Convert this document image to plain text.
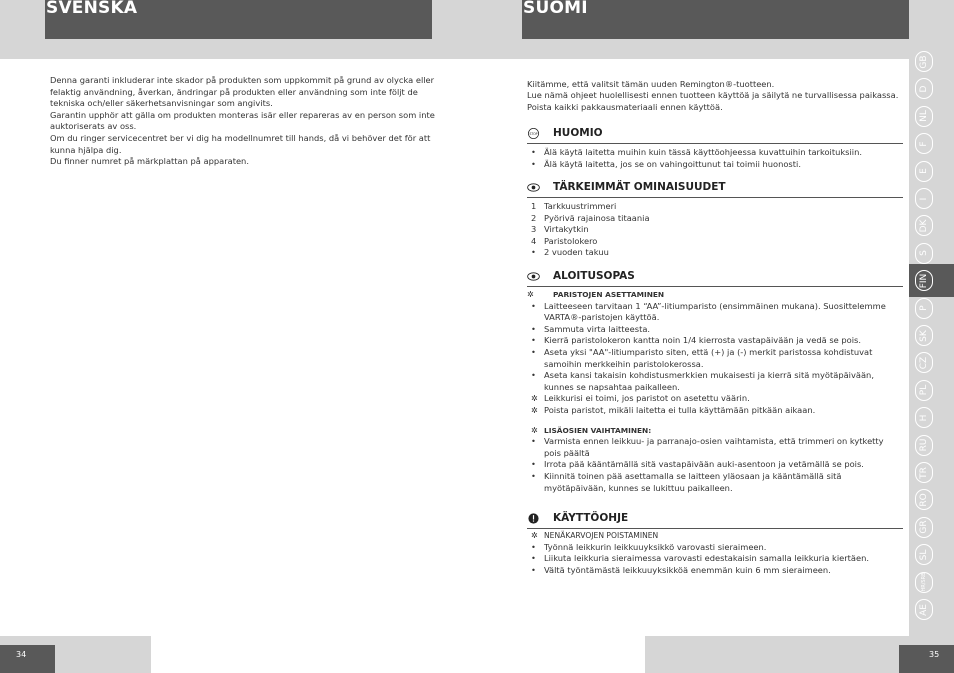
SVENSKA	SUOMI
GB
D
NL
F
E
I
DK
S
FIN
P
SK
CZ
PL
H
RU
TR
RO
GR
SL
HR/SRB
AE

Denna garanti inkluderar inte skador på produkten som uppkommit på grund av olycka eller felaktig användning, åverkan, ändringar på produkten eller användning som inte följt de tekniska och/eller säkerhetsanvisningar som angivits.

Garantin upphör att gälla om produkten monteras isär eller repareras av en person som inte auktoriserats av oss.

Om du ringer servicecentret ber vi dig ha modellnumret till hands, då vi behöver det för att kunna hjälpa dig.

Du finner numret på märkplattan på apparaten.

Kiitämme, että valitsit tämän uuden Remington®-tuotteen.

Lue nämä ohjeet huolellisesti ennen tuotteen käyttöä ja säilytä ne turvallisessa paikassa.

Poista kaikki pakkausmateriaali ennen käyttöä.

STOP HUOMIO
• Älä käytä laitetta muihin kuin tässä käyttöohjeessa kuvattuihin tarkoituksiin.
• Älä käytä laitetta, jos se on vahingoittunut tai toimii huonosti.
TÄRKEIMMÄT OMINAISUUDET
1 Tarkkuustrimmeri
2 Pyörivä rajainosa titaania
3 Virtakytkin
4 Paristolokero
• 2 vuoden takuu
ALOITUSOPAS
✲	PARISTOJEN ASETTAMINEN
• Laitteeseen tarvitaan 1 “AA”-litiumparisto (ensimmäinen mukana). Suosittelemme VARTA®-paristojen käyttöä.
• Sammuta virta laitteesta.
• Kierrä paristolokeron kantta noin 1/4 kierrosta vastapäivään ja vedä se pois.
• Aseta yksi "AA"-litiumparisto siten, että (+) ja (-) merkit paristossa kohdistuvat samoihin merkkeihin paristolokerossa.
• Aseta kansi takaisin kohdistusmerkkien mukaisesti ja kierrä sitä myötäpäivään, kunnes se napsahtaa paikalleen.
✲ Leikkurisi ei toimi, jos paristot on asetettu väärin.
✲ Poista paristot, mikäli laitetta ei tulla käyttämään pitkään aikaan.
✲ LISÄOSIEN VAIHTAMINEN:
• Varmista ennen leikkuu- ja parranajo-osien vaihtamista, että trimmeri on kytketty pois päältä
• Irrota pää kääntämällä sitä vastapäivään auki-asentoon ja vetämällä se pois.
• Kiinnitä toinen pää asettamalla se laitteen yläosaan ja kääntämällä sitä myötäpäivään, kunnes se lukittuu paikalleen.
KÄYTTÖOHJE
✲ NENÄKARVOJEN POISTAMINEN
• Työnnä leikkurin leikkuuyksikkö varovasti sieraimeen.
• Liikuta leikkuria sieraimessa varovasti edestakaisin samalla leikkuria kiertäen.
• Vältä työntämästä leikkuuyksikköä enemmän kuin 6 mm sieraimeen.
34	35
